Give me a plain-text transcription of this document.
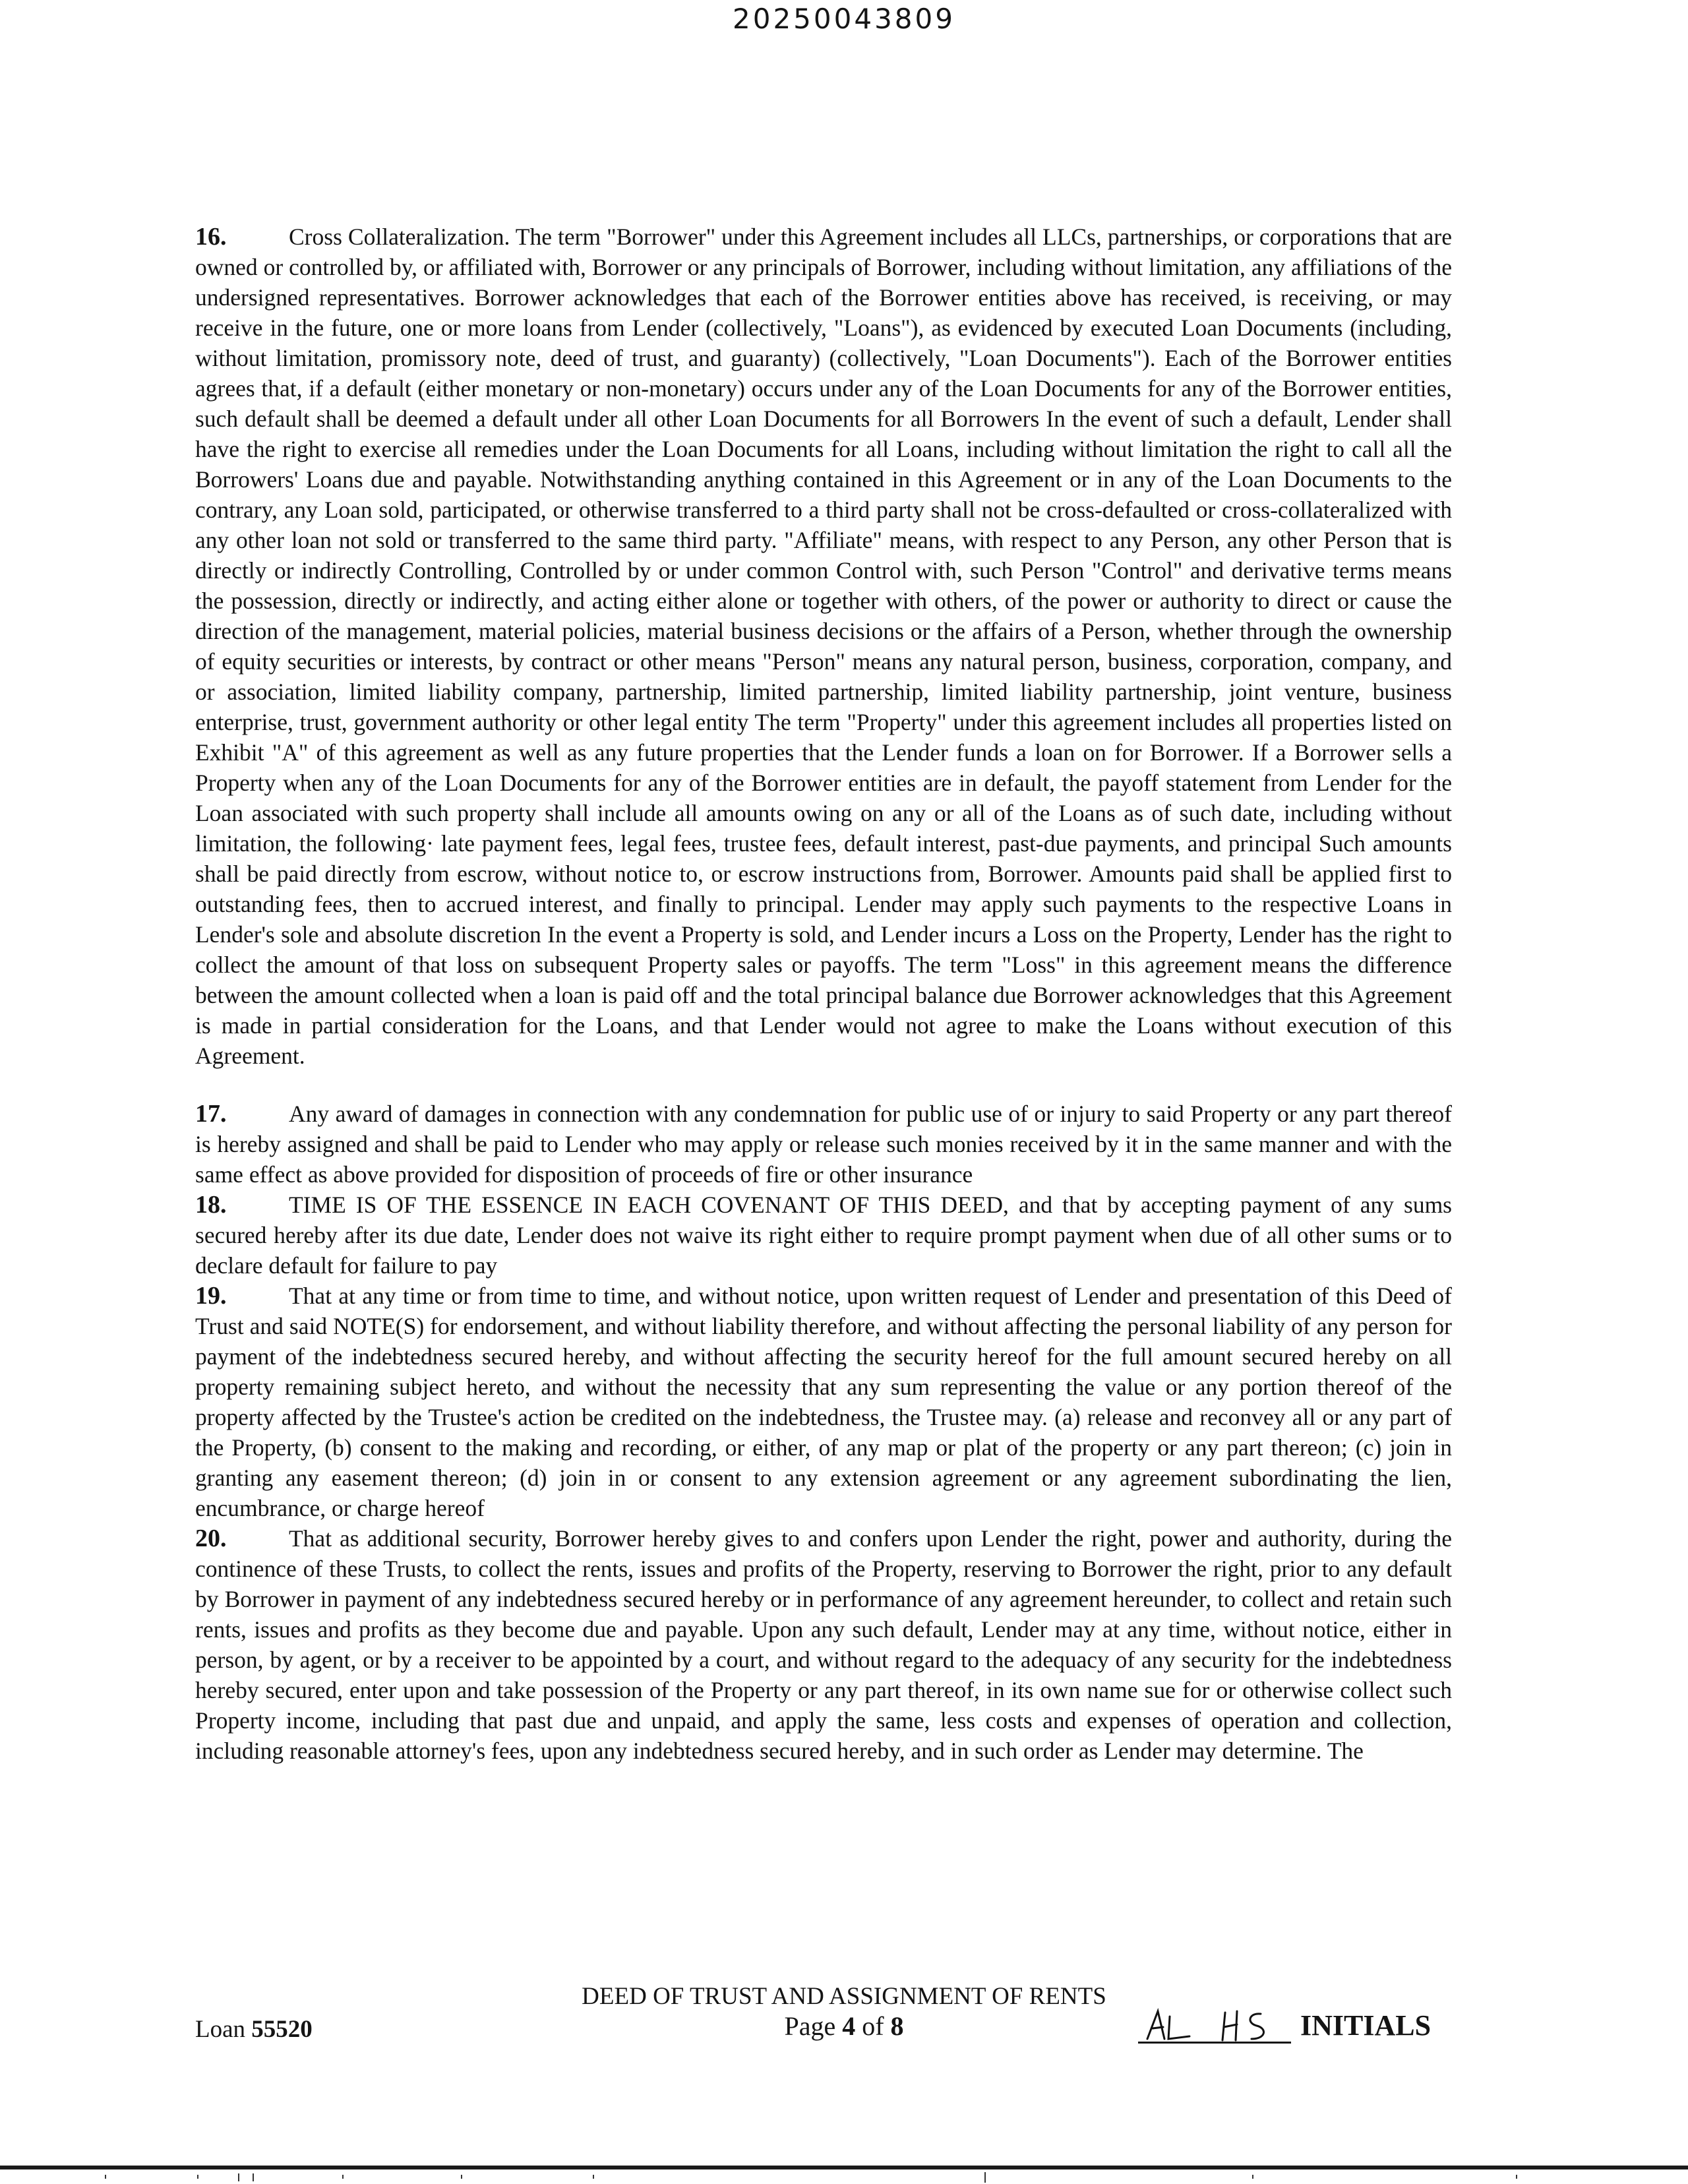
20250043809

16.	Cross Collateralization. The term "Borrower" under this Agreement includes all LLCs, partnerships, or corporations that are owned or controlled by, or affiliated with, Borrower or any principals of Borrower, including without limitation, any affiliations of the undersigned representatives. Borrower acknowledges that each of the Borrower entities above has received, is receiving, or may receive in the future, one or more loans from Lender (collectively, "Loans"), as evidenced by executed Loan Documents (including, without limitation, promissory note, deed of trust, and guaranty) (collectively, "Loan Documents"). Each of the Borrower entities agrees that, if a default (either monetary or non-monetary) occurs under any of the Loan Documents for any of the Borrower entities, such default shall be deemed a default under all other Loan Documents for all Borrowers In the event of such a default, Lender shall have the right to exercise all remedies under the Loan Documents for all Loans, including without limitation the right to call all the Borrowers' Loans due and payable. Notwithstanding anything contained in this Agreement or in any of the Loan Documents to the contrary, any Loan sold, participated, or otherwise transferred to a third party shall not be cross-defaulted or cross-collateralized with any other loan not sold or transferred to the same third party. "Affiliate" means, with respect to any Person, any other Person that is directly or indirectly Controlling, Controlled by or under common Control with, such Person "Control" and derivative terms means the possession, directly or indirectly, and acting either alone or together with others, of the power or authority to direct or cause the direction of the management, material policies, material business decisions or the affairs of a Person, whether through the ownership of equity securities or interests, by contract or other means "Person" means any natural person, business, corporation, company, and or association, limited liability company, partnership, limited partnership, limited liability partnership, joint venture, business enterprise, trust, government authority or other legal entity The term "Property" under this agreement includes all properties listed on Exhibit "A" of this agreement as well as any future properties that the Lender funds a loan on for Borrower. If a Borrower sells a Property when any of the Loan Documents for any of the Borrower entities are in default, the payoff statement from Lender for the Loan associated with such property shall include all amounts owing on any or all of the Loans as of such date, including without limitation, the following· late payment fees, legal fees, trustee fees, default interest, past-due payments, and principal Such amounts shall be paid directly from escrow, without notice to, or escrow instructions from, Borrower. Amounts paid shall be applied first to outstanding fees, then to accrued interest, and finally to principal. Lender may apply such payments to the respective Loans in Lender's sole and absolute discretion In the event a Property is sold, and Lender incurs a Loss on the Property, Lender has the right to collect the amount of that loss on subsequent Property sales or payoffs. The term "Loss" in this agreement means the difference between the amount collected when a loan is paid off and the total principal balance due Borrower acknowledges that this Agreement is made in partial consideration for the Loans, and that Lender would not agree to make the Loans without execution of this Agreement.

17.	Any award of damages in connection with any condemnation for public use of or injury to said Property or any part thereof is hereby assigned and shall be paid to Lender who may apply or release such monies received by it in the same manner and with the same effect as above provided for disposition of proceeds of fire or other insurance

18.	TIME IS OF THE ESSENCE IN EACH COVENANT OF THIS DEED, and that by accepting payment of any sums secured hereby after its due date, Lender does not waive its right either to require prompt payment when due of all other sums or to declare default for failure to pay

19.	That at any time or from time to time, and without notice, upon written request of Lender and presentation of this Deed of Trust and said NOTE(S) for endorsement, and without liability therefore, and without affecting the personal liability of any person for payment of the indebtedness secured hereby, and without affecting the security hereof for the full amount secured hereby on all property remaining subject hereto, and without the necessity that any sum representing the value or any portion thereof of the property affected by the Trustee's action be credited on the indebtedness, the Trustee may. (a) release and reconvey all or any part of the Property, (b) consent to the making and recording, or either, of any map or plat of the property or any part thereon; (c) join in granting any easement thereon; (d) join in or consent to any extension agreement or any agreement subordinating the lien, encumbrance, or charge hereof

20.	That as additional security, Borrower hereby gives to and confers upon Lender the right, power and authority, during the continence of these Trusts, to collect the rents, issues and profits of the Property, reserving to Borrower the right, prior to any default by Borrower in payment of any indebtedness secured hereby or in performance of any agreement hereunder, to collect and retain such rents, issues and profits as they become due and payable. Upon any such default, Lender may at any time, without notice, either in person, by agent, or by a receiver to be appointed by a court, and without regard to the adequacy of any security for the indebtedness hereby secured, enter upon and take possession of the Property or any part thereof, in its own name sue for or otherwise collect such Property income, including that past due and unpaid, and apply the same, less costs and expenses of operation and collection, including reasonable attorney's fees, upon any indebtedness secured hereby, and in such order as Lender may determine. The

DEED OF TRUST AND ASSIGNMENT OF RENTS
Loan 55520	Page 4 of 8	INITIALS
